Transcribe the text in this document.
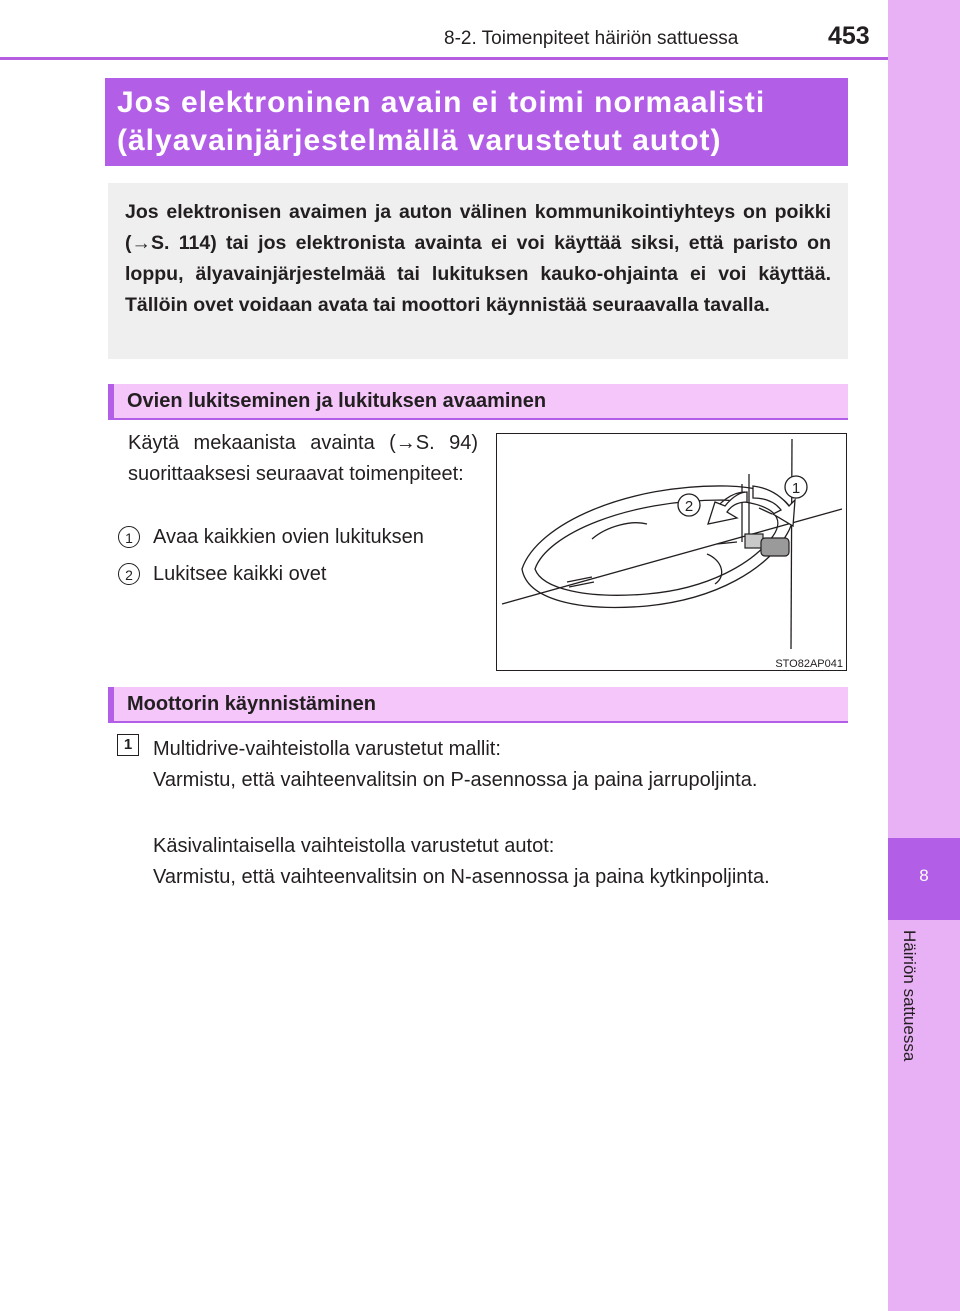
8-2. Toimenpiteet häiriön sattuessa	453
8
Häiriön sattuessa
Jos elektroninen avain ei toimi normaalisti
(älyavainjärjestelmällä varustetut autot)
Jos elektronisen avaimen ja auton välinen kommunikointiyhteys on poikki (→S. 114) tai jos elektronista avainta ei voi käyttää siksi, että paristo on loppu, älyavainjärjestelmää tai lukituksen kauko-ohjainta ei voi käyttää. Tällöin ovet voidaan avata tai moottori käynnistää seuraavalla tavalla.
Ovien lukitseminen ja lukituksen avaaminen
Käytä mekaanista avainta (→S. 94) suorittaaksesi seuraavat toimenpiteet:
1	Avaa kaikkien ovien lukituksen
2	Lukitsee kaikki ovet
1
2
STO82AP041
Moottorin käynnistäminen
1	Multidrive-vaihteistolla varustetut mallit:
Varmistu, että vaihteenvalitsin on P-asennossa ja paina jarrupoljinta.
Käsivalintaisella vaihteistolla varustetut autot:
Varmistu, että vaihteenvalitsin on N-asennossa ja paina kytkinpoljinta.
